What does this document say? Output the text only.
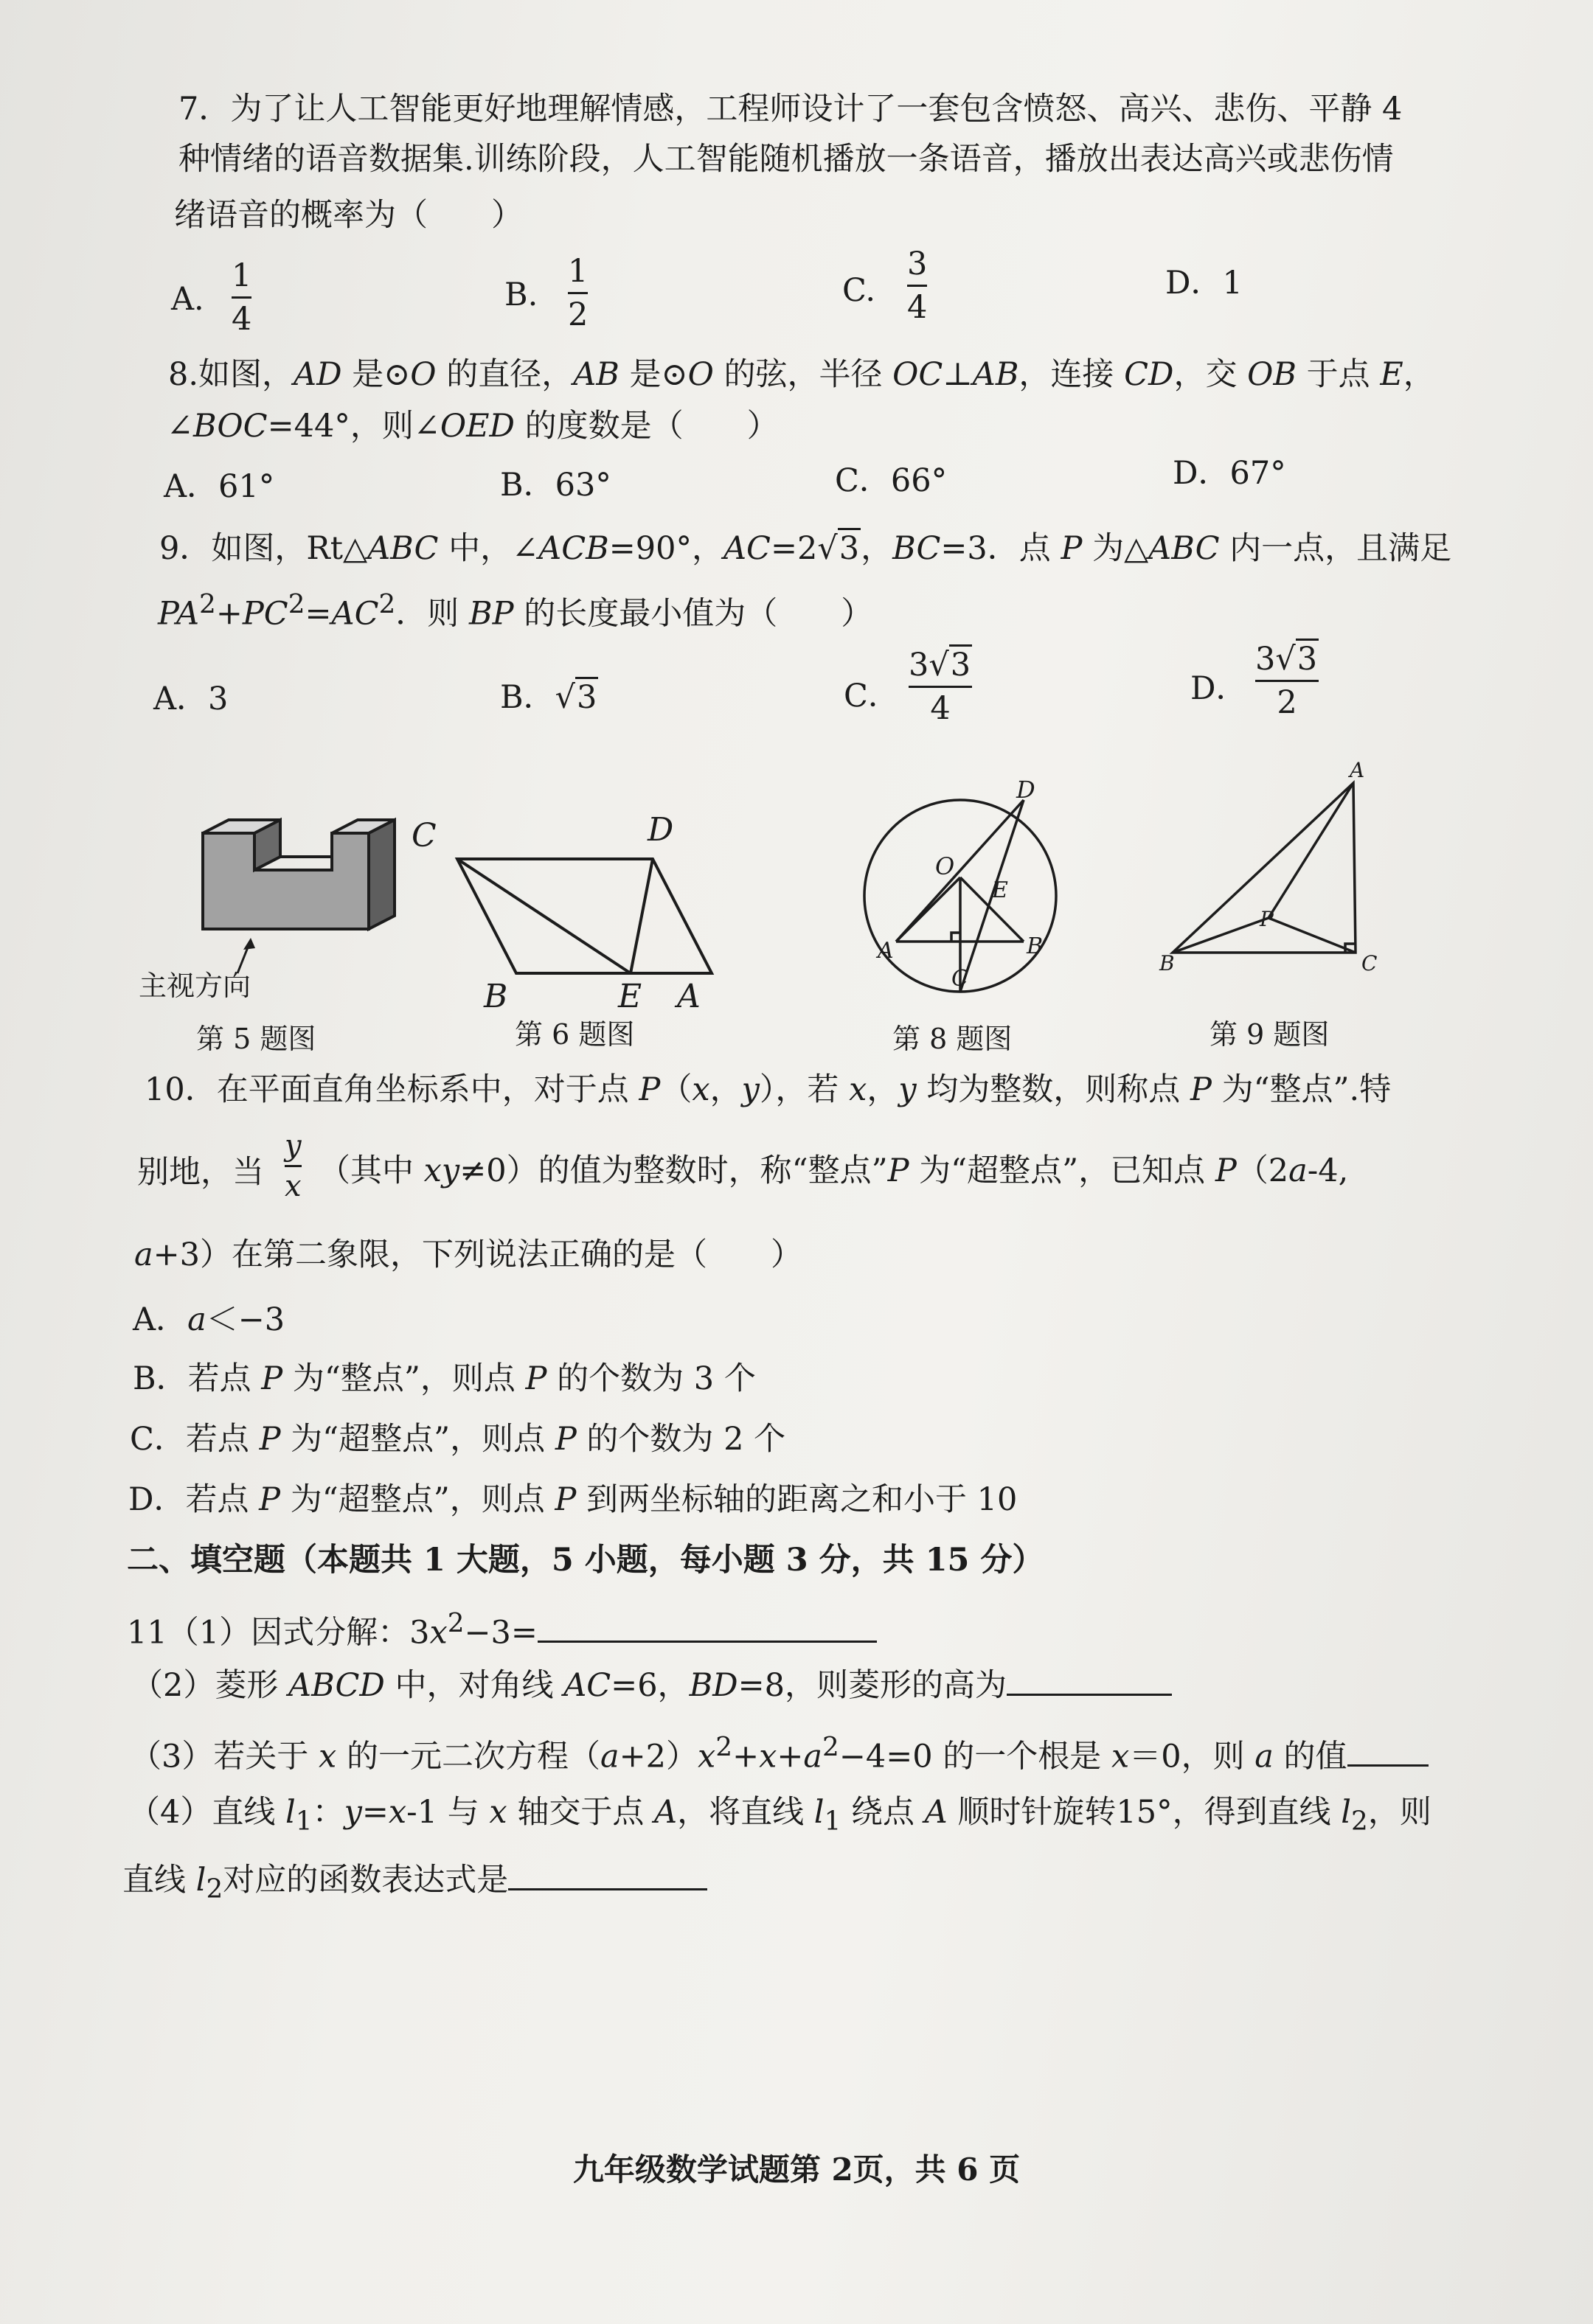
7．为了让人工智能更好地理解情感，工程师设计了一套包含愤怒、高兴、悲伤、平静 4
种情绪的语音数据集.训练阶段，人工智能随机播放一条语音，播放出表达高兴或悲伤情
绪语音的概率为（　　）
A.
1
4
B.
1
2
C.
3
4
D．1
8.如图，AD 是⊙O 的直径，AB 是⊙O 的弦，半径 OC⊥AB，连接 CD，交 OB 于点 E，
∠BOC=44°，则∠OED 的度数是（　　）
A．61°	B．63°	C．66°	D．67°
9．如图，Rt△ABC 中，∠ACB=90°，AC=2√3，BC=3．点 P 为△ABC 内一点，且满足
$PA^2+PC^2=AC^2$．则 BP 的长度最小值为（　　）
A．3	B．√3	C．
3√3
4
D．
3√3
2
C	D
B	E A
D
O
E
A	B
C
A
P
B	C
主视方向
第 5 题图	第 6 题图	第 8 题图	第 9 题图
10．在平面直角坐标系中，对于点 P（x，y），若 x，y 均为整数，则称点 P 为“整点”.特
别地，当
y
x （其中 xy≠0）的值为整数时，称“整点”P 为“超整点”，已知点 P（2a-4,
a+3）在第二象限，下列说法正确的是（　　）
A．a＜−3
B．若点 P 为“整点”，则点 P 的个数为 3 个
C．若点 P 为“超整点”，则点 P 的个数为 2 个
D．若点 P 为“超整点”，则点 P 到两坐标轴的距离之和小于 10
二、填空题（本题共 1 大题，5 小题，每小题 3 分，共 15 分）
11（1）因式分解：$3x^2-3=$
（2）菱形 ABCD 中，对角线 AC=6，BD=8，则菱形的高为
（3）若关于 x 的一元二次方程$(a+2)x^2+x+a^2-4=0$ 的一个根是 x＝0，则 a 的值
（4）直线 $l_1$：y=x-1 与 x 轴交于点 A，将直线 $l_1$ 绕点 A 顺时针旋转15°，得到直线 $l_2$，则
直线 $l_2$对应的函数表达式是
九年级数学试题第 2页，共 6 页
